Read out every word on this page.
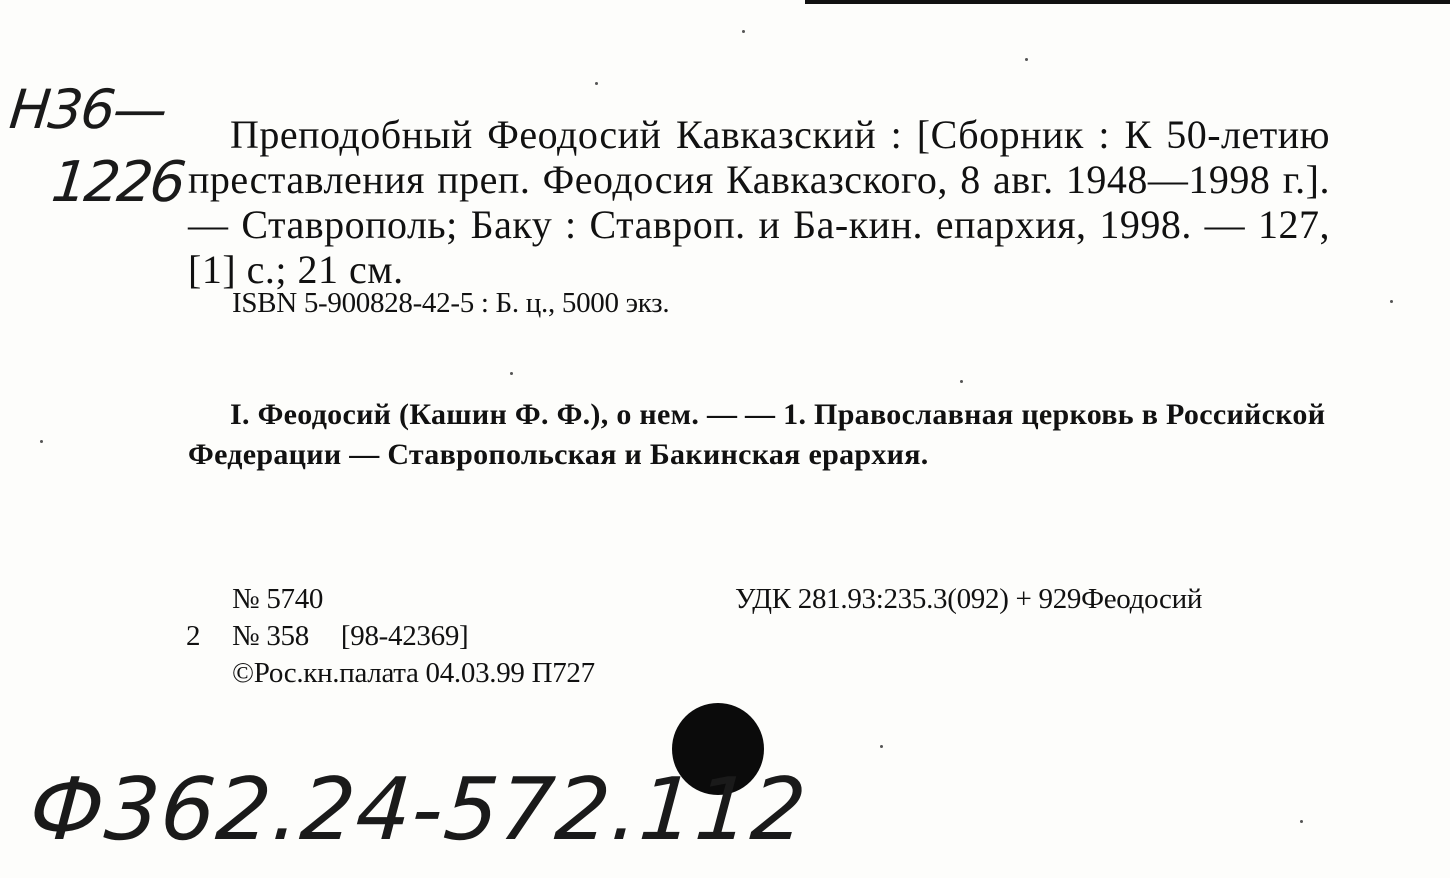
Н36—
1226
Преподобный Феодосий Кавказский : [Сборник : К 50-летию преставления преп. Феодосия Кавказского, 8 авг. 1948—1998 г.]. — Ставрополь; Баку : Ставроп. и Ба-кин. епархия, 1998. — 127, [1] с.; 21 см.
ISBN 5-900828-42-5 : Б. ц., 5000 экз.
I. Феодосий (Кашин Ф. Ф.), о нем. — — 1. Православная церковь в Российской Федерации — Ставропольская и Бакинская ерархия.
№ 5740	УДК 281.93:235.3(092) + 929Феодосий
2 № 358 [98-42369]
©Рос.кн.палата 04.03.99 П727
Ф362.24-572.112
